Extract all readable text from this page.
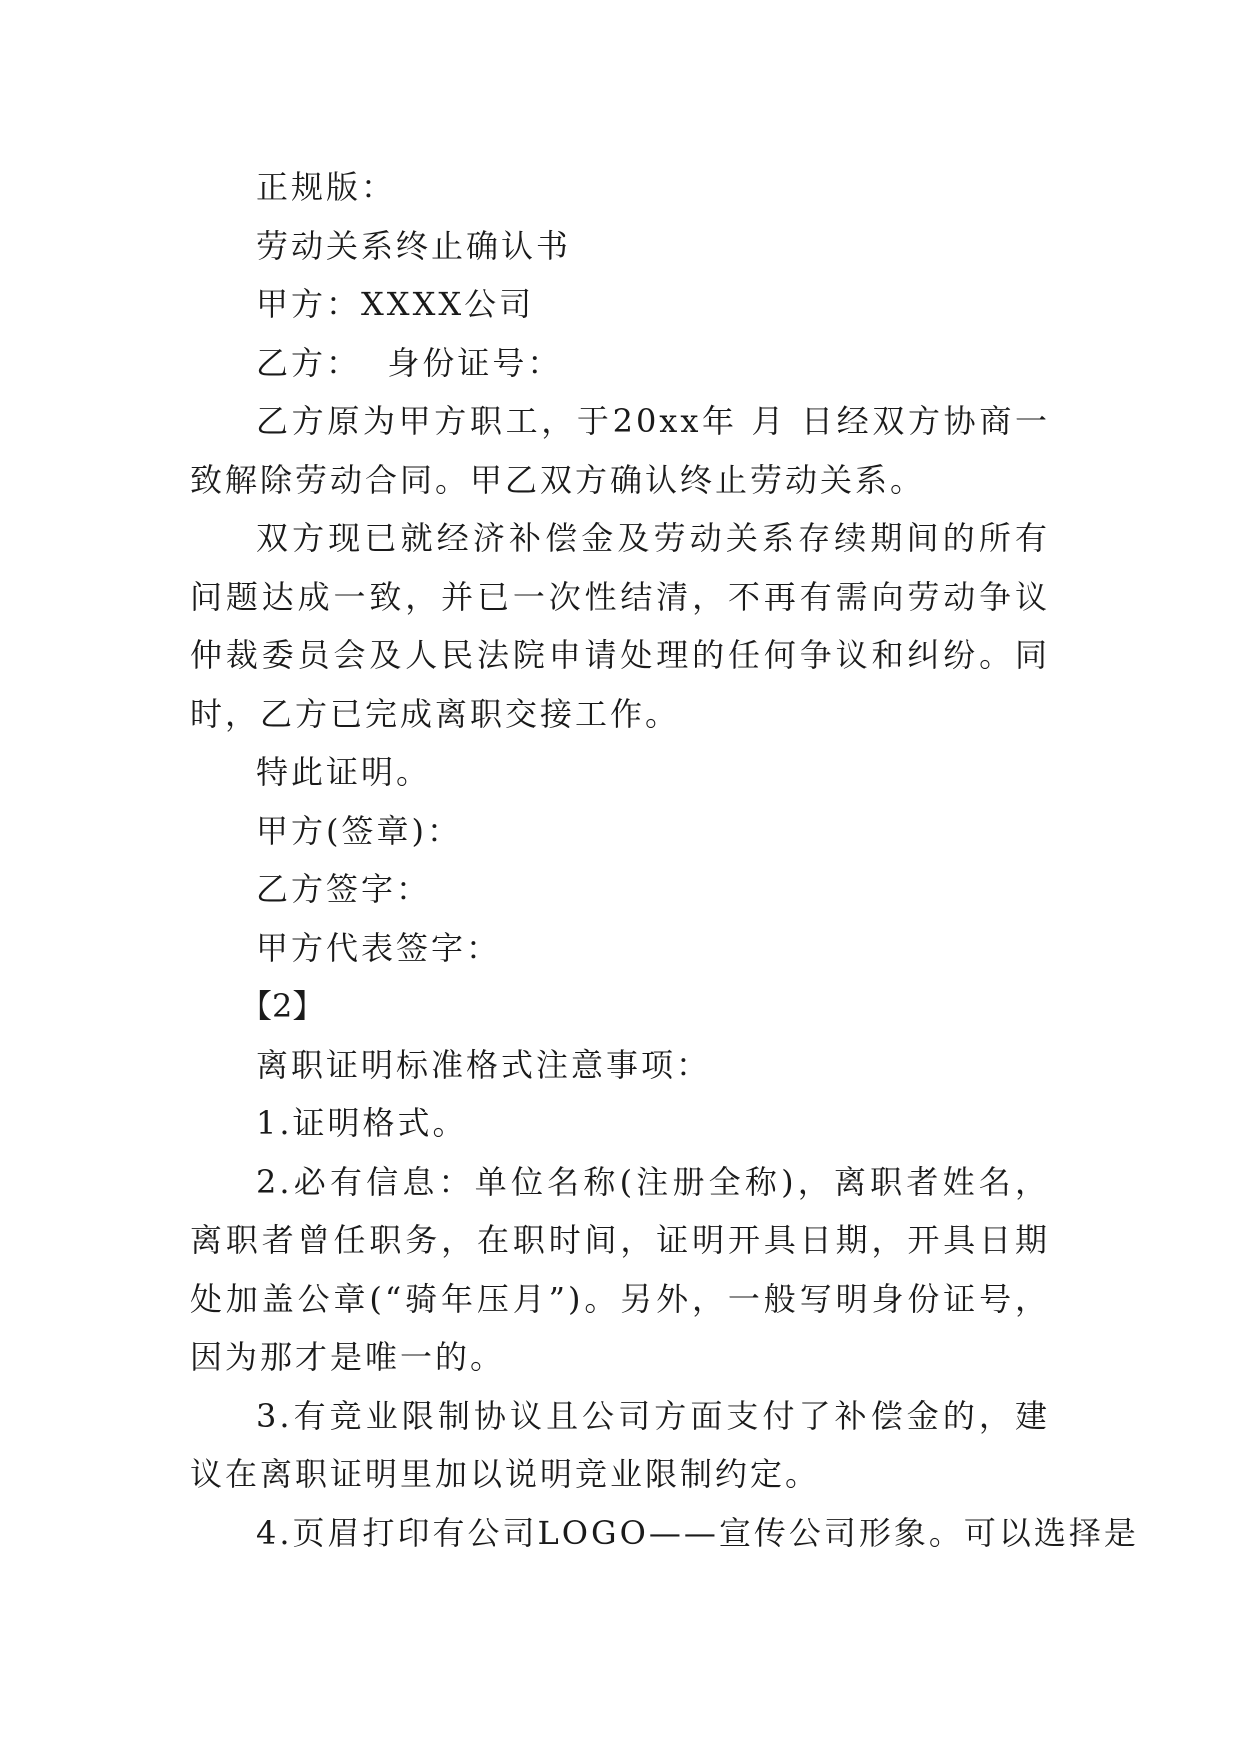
正规版：
劳动关系终止确认书
甲方：XXXX公司
乙方：  身份证号：

乙方原为甲方职工，于20xx年 月 日经双方协商一致解除劳动合同。甲乙双方确认终止劳动关系。

双方现已就经济补偿金及劳动关系存续期间的所有问题达成一致，并已一次性结清，不再有需向劳动争议仲裁委员会及人民法院申请处理的任何争议和纠纷。同时，乙方已完成离职交接工作。

特此证明。
甲方(签章)：
乙方签字：
甲方代表签字：
【2】
离职证明标准格式注意事项：
1.证明格式。

2.必有信息：单位名称(注册全称)，离职者姓名，离职者曾任职务，在职时间，证明开具日期，开具日期处加盖公章(“骑年压月”)。另外，一般写明身份证号，因为那才是唯一的。

3.有竞业限制协议且公司方面支付了补偿金的，建议在离职证明里加以说明竞业限制约定。

4.页眉打印有公司LOGO——宣传公司形象。可以选择是
